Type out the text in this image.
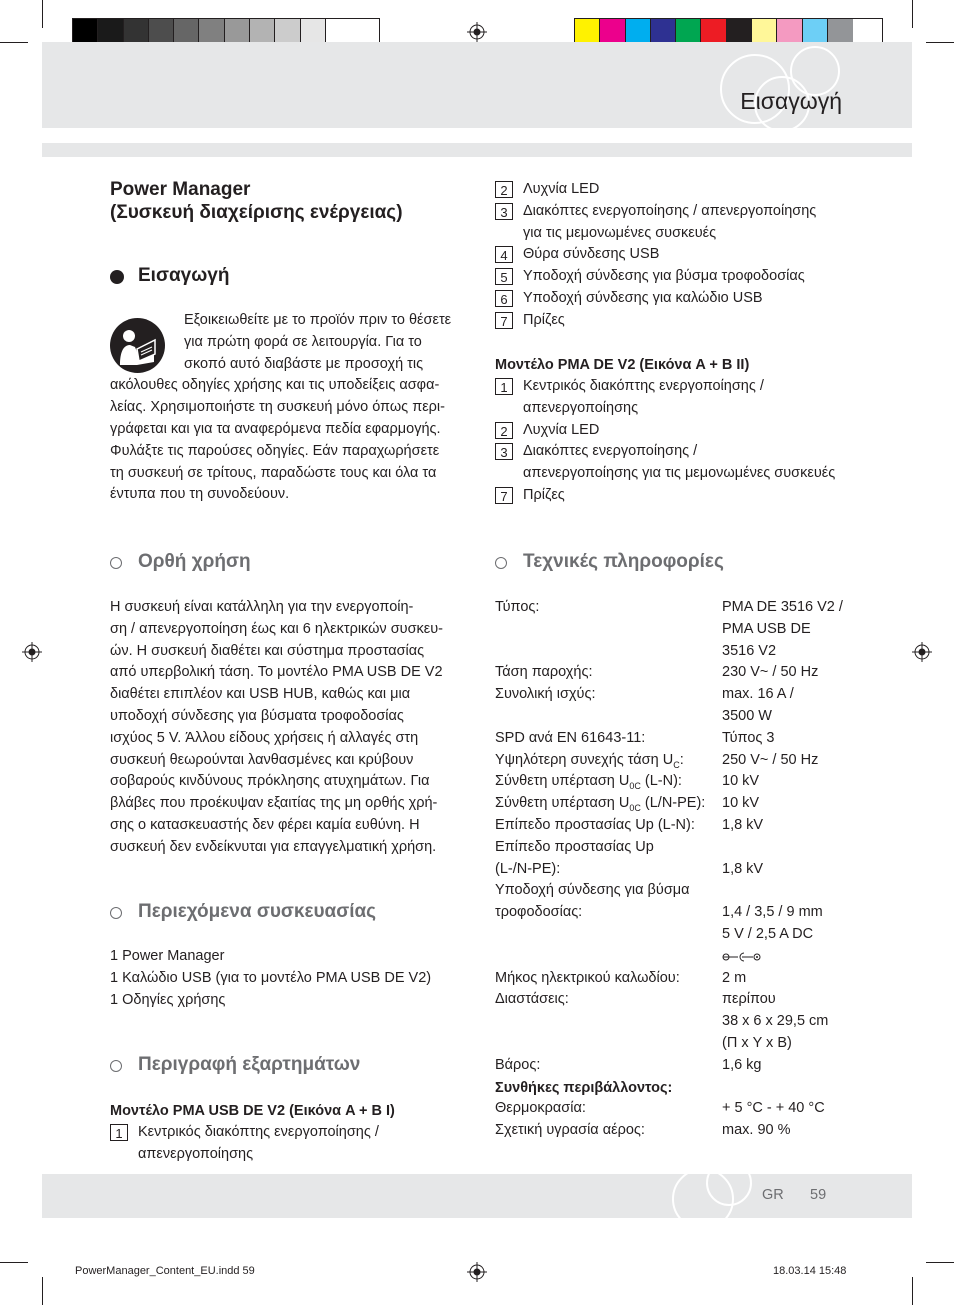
Εισαγωγή
Power Manager
(Συσκευή διαχείρισης ενέργειας)
Εισαγωγή
Εξοικειωθείτε με το προϊόν πριν το θέσετε
για πρώτη φορά σε λειτουργία. Για το
σκοπό αυτό διαβάστε με προσοχή τις
ακόλουθες οδηγίες χρήσης και τις υποδείξεις ασφα-
λείας. Χρησιμοποιήστε τη συσκευή μόνο όπως περι-
γράφεται και για τα αναφερόμενα πεδία εφαρμογής.
Φυλάξτε τις παρούσες οδηγίες. Εάν παραχωρήσετε
τη συσκευή σε τρίτους, παραδώστε τους και όλα τα
έντυπα που τη συνοδεύουν.
Ορθή χρήση
Η συσκευή είναι κατάλληλη για την ενεργοποίη-
ση / απενεργοποίηση έως και 6 ηλεκτρικών συσκευ-
ών. Η συσκευή διαθέτει και σύστημα προστασίας
από υπερβολική τάση. Το μοντέλο PMA USB DE V2
διαθέτει επιπλέον και USB HUB, καθώς και μια
υποδοχή σύνδεσης για βύσματα τροφοδοσίας
ισχύος 5 V. Άλλου είδους χρήσεις ή αλλαγές στη
συσκευή θεωρούνται λανθασμένες και κρύβουν
σοβαρούς κινδύνους πρόκλησης ατυχημάτων. Για
βλάβες που προέκυψαν εξαιτίας της μη ορθής χρή-
σης ο κατασκευαστής δεν φέρει καμία ευθύνη. Η
συσκευή δεν ενδείκνυται για επαγγελματική χρήση.
Περιεχόμενα συσκευασίας
1 Power Manager
1 Καλώδιο USB (για το μοντέλο PMA USB DE V2)
1 Οδηγίες χρήσης
Περιγραφή εξαρτημάτων
Μοντέλο PMA USB DE V2 (Εικόνα A + B I)
1	Κεντρικός διακόπτης ενεργοποίησης /
απενεργοποίησης
2	Λυχνία LED
3	Διακόπτες ενεργοποίησης / απενεργοποίησης
για τις μεμονωμένες συσκευές
4	Θύρα σύνδεσης USB
5	Υποδοχή σύνδεσης για βύσμα τροφοδοσίας
6	Υποδοχή σύνδεσης για καλώδιο USB
7	Πρίζες
Μοντέλο PMA DE V2 (Εικόνα A + B II)
1	Κεντρικός διακόπτης ενεργοποίησης /
απενεργοποίησης
2	Λυχνία LED
3	Διακόπτες ενεργοποίησης /
απενεργοποίησης για τις μεμονωμένες συσκευές
7	Πρίζες
Τεχνικές πληροφορίες
Τύπος:	PMA DE 3516 V2 /
PMA USB DE
3516 V2
Τάση παροχής:	230 V~ / 50 Hz
Συνολική ισχύς:	max. 16 A /
3500 W
SPD ανά EN 61643-11:	Τύπος 3
Υψηλότερη συνεχής τάση $U_C$:	250 V~ / 50 Hz
Σύνθετη υπέρταση $U_{0C}$ (L-N):	10 kV
Σύνθετη υπέρταση $U_{0C}$ (L/N-PE):	10 kV
Επίπεδο προστασίας Up (L-N):	1,8 kV
Επίπεδο προστασίας Up
(L-/N-PE):
	1,8 kV
Υποδοχή σύνδεσης για βύσμα
τροφοδοσίας:
	1,4 / 3,5 / 9 mm
5 V / 2,5 A DC
Μήκος ηλεκτρικού καλωδίου:	2 m
Διαστάσεις:	περίπου
38 x 6 x 29,5 cm
(Π x Υ x Β)
Βάρος:	1,6 kg
Συνθήκες περιβάλλοντος:
Θερμοκρασία:	+ 5 °C - + 40 °C
Σχετική υγρασία αέρος:	max. 90 %
GR 59
PowerManager_Content_EU.indd 59	18.03.14 15:48
